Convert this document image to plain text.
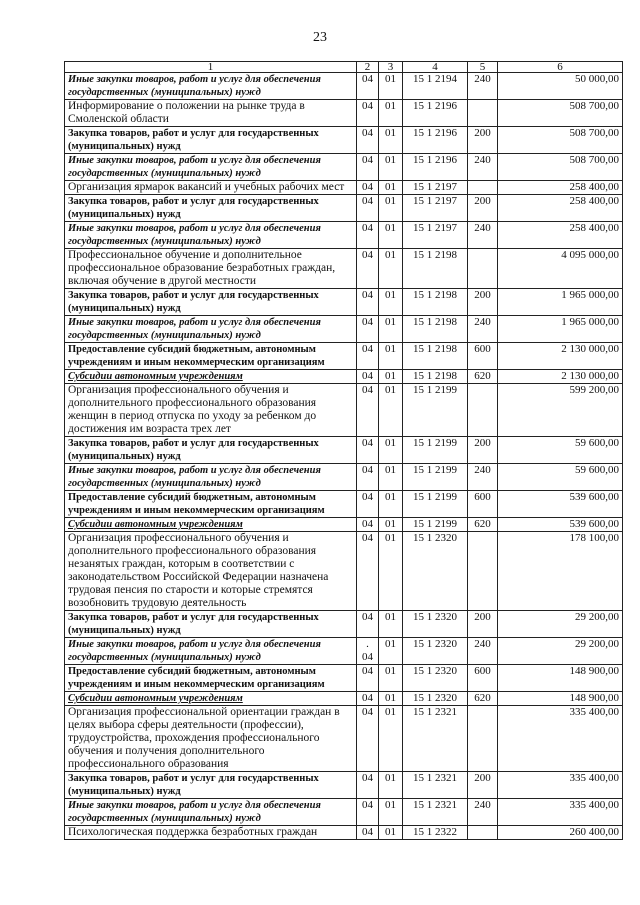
23
1	2	3	4	5	6
Иные закупки товаров, работ и услуг для обеспечения государственных (муниципальных) нужд	04	01	15 1 2194	240	50 000,00
Информирование о положении на рынке труда в Смоленской области	04	01	15 1 2196		508 700,00
Закупка товаров, работ и услуг для государственных (муниципальных) нужд	04	01	15 1 2196	200	508 700,00
Иные закупки товаров, работ и услуг для обеспечения государственных (муниципальных) нужд	04	01	15 1 2196	240	508 700,00
Организация ярмарок вакансий и учебных рабочих мест	04	01	15 1 2197		258 400,00
Закупка товаров, работ и услуг для государственных (муниципальных) нужд	04	01	15 1 2197	200	258 400,00
Иные закупки товаров, работ и услуг для обеспечения государственных (муниципальных) нужд	04	01	15 1 2197	240	258 400,00
Профессиональное обучение и дополнительное профессиональное образование безработных граждан, включая обучение в другой местности	04	01	15 1 2198		4 095 000,00
Закупка товаров, работ и услуг для государственных (муниципальных) нужд	04	01	15 1 2198	200	1 965 000,00
Иные закупки товаров, работ и услуг для обеспечения государственных (муниципальных) нужд	04	01	15 1 2198	240	1 965 000,00
Предоставление субсидий бюджетным, автономным учреждениям и иным некоммерческим организациям	04	01	15 1 2198	600	2 130 000,00
Субсидии автономным учреждениям	04	01	15 1 2198	620	2 130 000,00
Организация профессионального обучения и дополнительного профессионального образования женщин в период отпуска по уходу за ребенком до достижения им возраста трех лет	04	01	15 1 2199		599 200,00
Закупка товаров, работ и услуг для государственных (муниципальных) нужд	04	01	15 1 2199	200	59 600,00
Иные закупки товаров, работ и услуг для обеспечения государственных (муниципальных) нужд	04	01	15 1 2199	240	59 600,00
Предоставление субсидий бюджетным, автономным учреждениям и иным некоммерческим организациям	04	01	15 1 2199	600	539 600,00
Субсидии автономным учреждениям	04	01	15 1 2199	620	539 600,00
Организация профессионального обучения и дополнительного профессионального образования незанятых граждан, которым в соответствии с законодательством Российской Федерации назначена трудовая пенсия по старости и которые стремятся возобновить трудовую деятельность	04	01	15 1 2320		178 100,00
Закупка товаров, работ и услуг для государственных (муниципальных) нужд	04	01	15 1 2320	200	29 200,00
Иные закупки товаров, работ и услуг для обеспечения государственных (муниципальных) нужд	. 04	01	15 1 2320	240	29 200,00
Предоставление субсидий бюджетным, автономным учреждениям и иным некоммерческим организациям	04	01	15 1 2320	600	148 900,00
Субсидии автономным учреждениям	04	01	15 1 2320	620	148 900,00
Организация профессиональной ориентации граждан в целях выбора сферы деятельности (профессии), трудоустройства, прохождения профессионального обучения и получения дополнительного профессионального образования	04	01	15 1 2321		335 400,00
Закупка товаров, работ и услуг для государственных (муниципальных) нужд	04	01	15 1 2321	200	335 400,00
Иные закупки товаров, работ и услуг для обеспечения государственных (муниципальных) нужд	04	01	15 1 2321	240	335 400,00
Психологическая поддержка безработных граждан	04	01	15 1 2322		260 400,00
